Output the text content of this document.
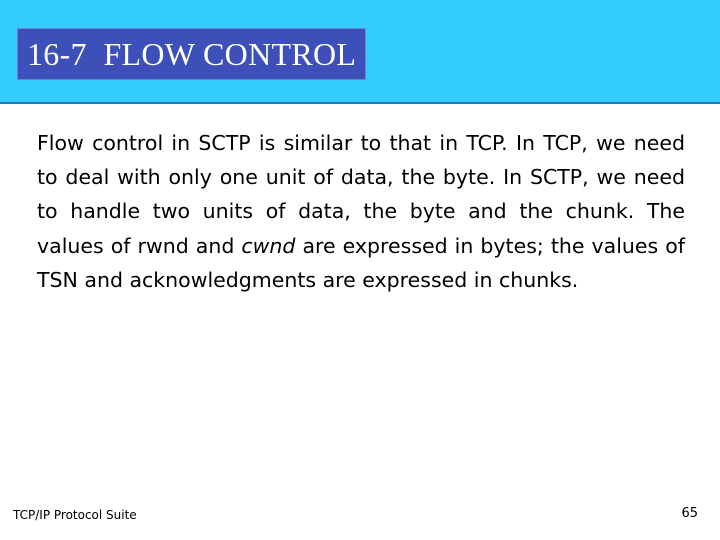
16-7  FLOW CONTROL

Flow control in SCTP is similar to that in TCP. In TCP, we need to deal with only one unit of data, the byte. In SCTP, we need to handle two units of data, the byte and the chunk. The values of rwnd and cwnd are expressed in bytes; the values of TSN and acknowledgments are expressed in chunks.

TCP/IP Protocol Suite	65
